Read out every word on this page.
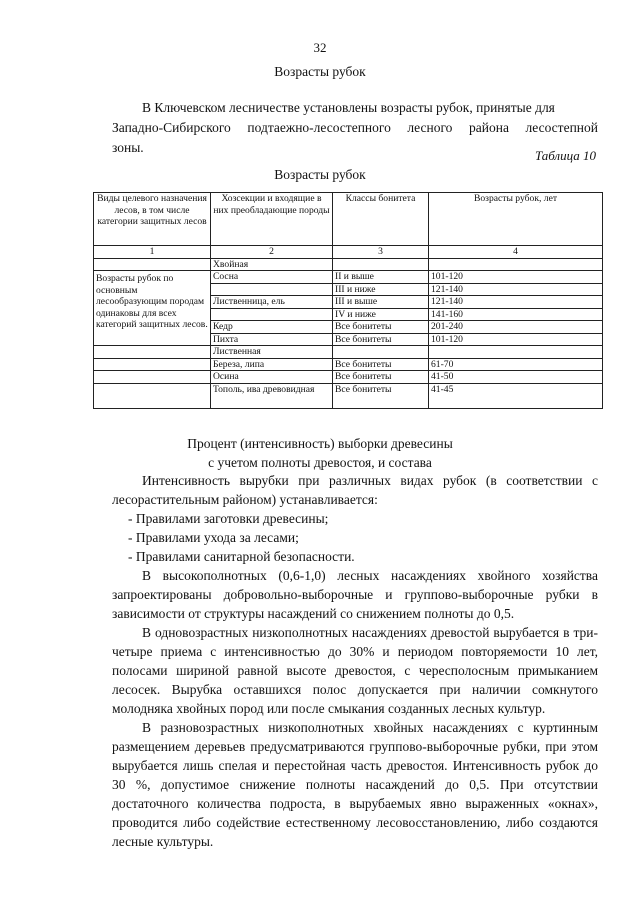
32
Возрасты рубок

В Ключевском лесничестве установлены возрасты рубок, принятые для
Западно-Сибирского подтаежно-лесостепного лесного района лесостепной
зоны.

Таблица 10
Возрасты рубок
Виды целевого назначения лесов, в том числе категории защитных лесов	Хозсекции и входящие в них преобладающие породы	Классы бонитета	Возрасты рубок, лет
1	2	3	4
	Хвойная		
Возрасты рубок по основным лесообразующим породам одинаковы для всех категорий защитных лесов.	Сосна	II и выше	101-120
		III и ниже	121-140
	Лиственница, ель	III и выше	121-140
		IV и ниже	141-160
	Кедр	Все бонитеты	201-240
	Пихта	Все бонитеты	101-120
	Лиственная		
	Береза, липа	Все бонитеты	61-70
	Осина	Все бонитеты	41-50
	Тополь, ива древовидная	Все бонитеты	41-45
Процент (интенсивность) выборки древесины
с учетом полноты древостоя, и состава

Интенсивность вырубки при различных видах рубок (в соответствии с лесорастительным районом) устанавливается:

- Правилами заготовки древесины;

- Правилами ухода за лесами;

- Правилами санитарной безопасности.

В высокополнотных (0,6-1,0) лесных насаждениях хвойного хозяйства запроектированы добровольно-выборочные и группово-выборочные рубки в зависимости от структуры насаждений со снижением полноты до 0,5.

В одновозрастных низкополнотных насаждениях древостой вырубается в три-четыре приема с интенсивностью до 30% и периодом повторяемости 10 лет, полосами шириной равной высоте древостоя, с чересполосным примыканием лесосек. Вырубка оставшихся полос допускается при наличии сомкнутого молодняка хвойных пород или после смыкания созданных лесных культур.

В разновозрастных низкополнотных хвойных насаждениях с куртинным размещением деревьев предусматриваются группово-выборочные рубки, при этом вырубается лишь спелая и перестойная часть древостоя. Интенсивность рубок до 30 %, допустимое снижение полноты насаждений до 0,5. При отсутствии достаточного количества подроста, в вырубаемых явно выраженных «окнах», проводится либо содействие естественному лесовосстановлению, либо создаются лесные культуры.
